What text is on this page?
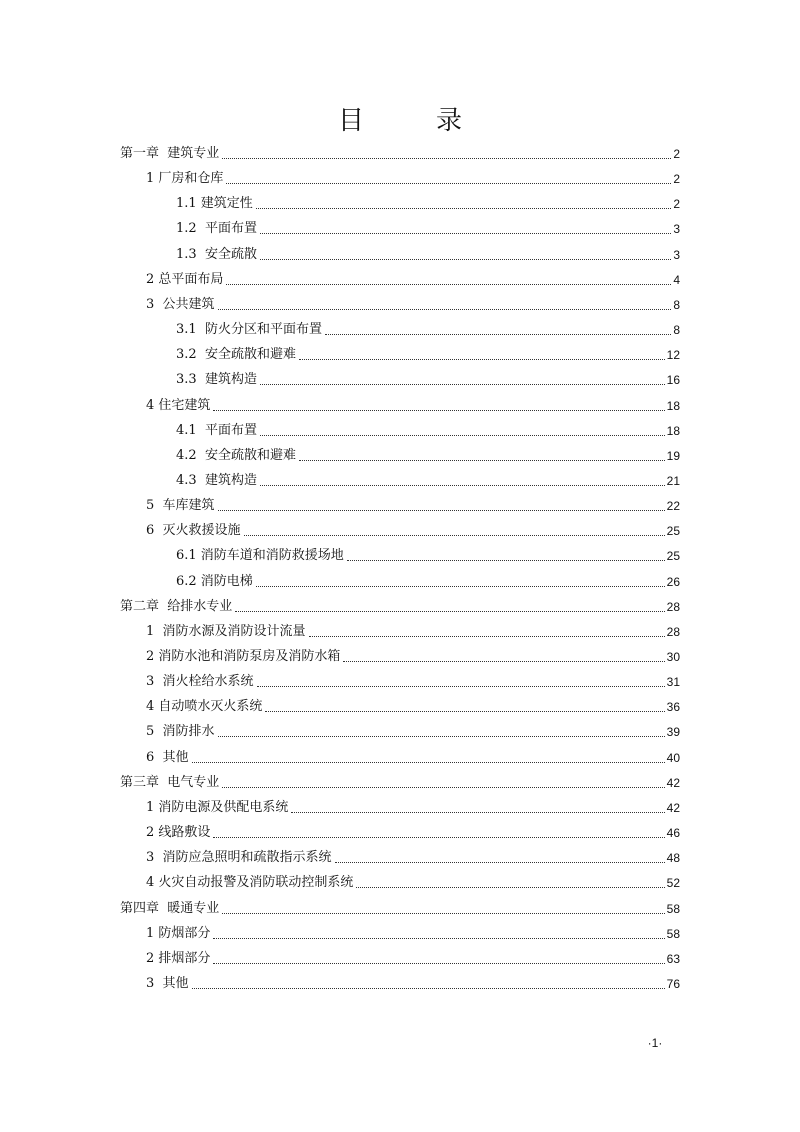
目	录
第一章  建筑专业	2
1 厂房和仓库	2
1.1 建筑定性	2
1.2  平面布置	3
1.3  安全疏散	3
2 总平面布局	4
3  公共建筑	8
3.1  防火分区和平面布置	8
3.2  安全疏散和避难	12
3.3  建筑构造	16
4 住宅建筑	18
4.1  平面布置	18
4.2  安全疏散和避难	19
4.3  建筑构造	21
5  车库建筑	22
6  灭火救援设施	25
6.1 消防车道和消防救援场地	25
6.2 消防电梯	26
第二章  给排水专业	28
1  消防水源及消防设计流量	28
2 消防水池和消防泵房及消防水箱	30
3  消火栓给水系统	31
4 自动喷水灭火系统	36
5  消防排水	39
6  其他	40
第三章  电气专业	42
1 消防电源及供配电系统	42
2 线路敷设	46
3  消防应急照明和疏散指示系统	48
4 火灾自动报警及消防联动控制系统	52
第四章  暖通专业	58
1 防烟部分	58
2 排烟部分	63
3  其他	76
·1·
